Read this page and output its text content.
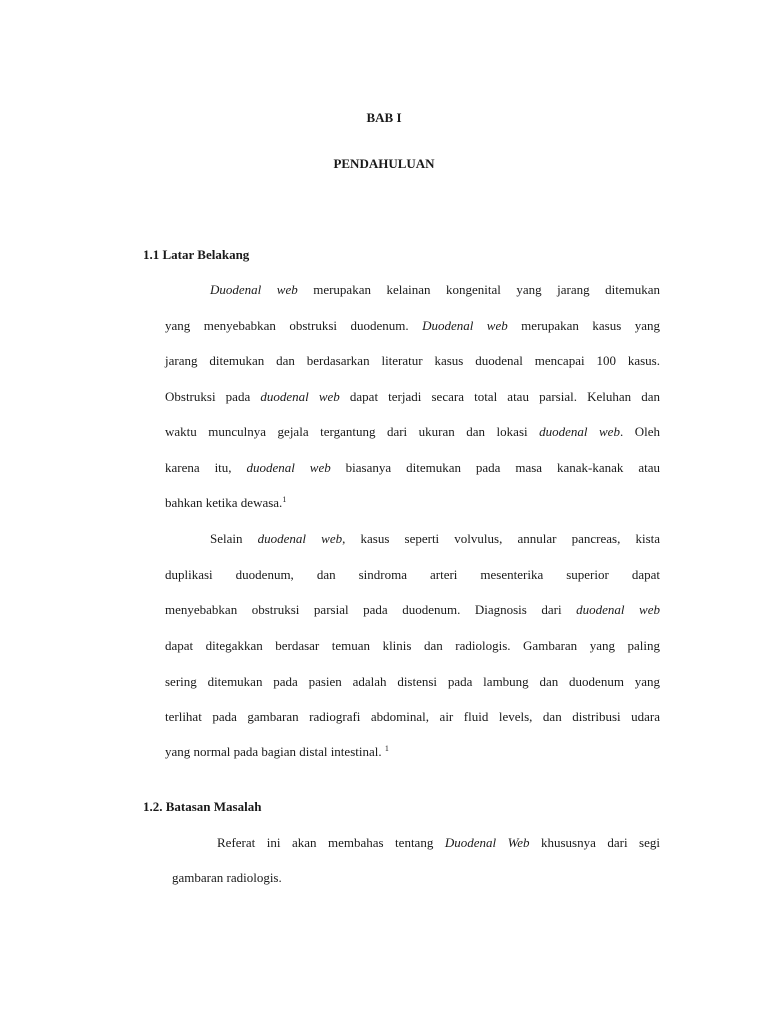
BAB I
PENDAHULUAN
1.1 Latar Belakang
Duodenal web merupakan kelainan kongenital yang jarang ditemukan
yang menyebabkan obstruksi duodenum. Duodenal web merupakan kasus yang
jarang ditemukan dan berdasarkan literatur kasus duodenal mencapai 100 kasus.
Obstruksi pada duodenal web dapat terjadi secara total atau parsial. Keluhan dan
waktu munculnya gejala tergantung dari ukuran dan lokasi duodenal web. Oleh
karena itu, duodenal web biasanya ditemukan pada masa kanak-kanak atau
bahkan ketika dewasa.$^1$
Selain duodenal web, kasus seperti volvulus, annular pancreas, kista
duplikasi duodenum, dan sindroma arteri mesenterika superior dapat
menyebabkan obstruksi parsial pada duodenum. Diagnosis dari duodenal web
dapat ditegakkan berdasar temuan klinis dan radiologis. Gambaran yang paling
sering ditemukan pada pasien adalah distensi pada lambung dan duodenum yang
terlihat pada gambaran radiografi abdominal, air fluid levels, dan distribusi udara
yang normal pada bagian distal intestinal. $^1$
1.2. Batasan Masalah
Referat ini akan membahas tentang Duodenal Web khususnya dari segi
gambaran radiologis.
